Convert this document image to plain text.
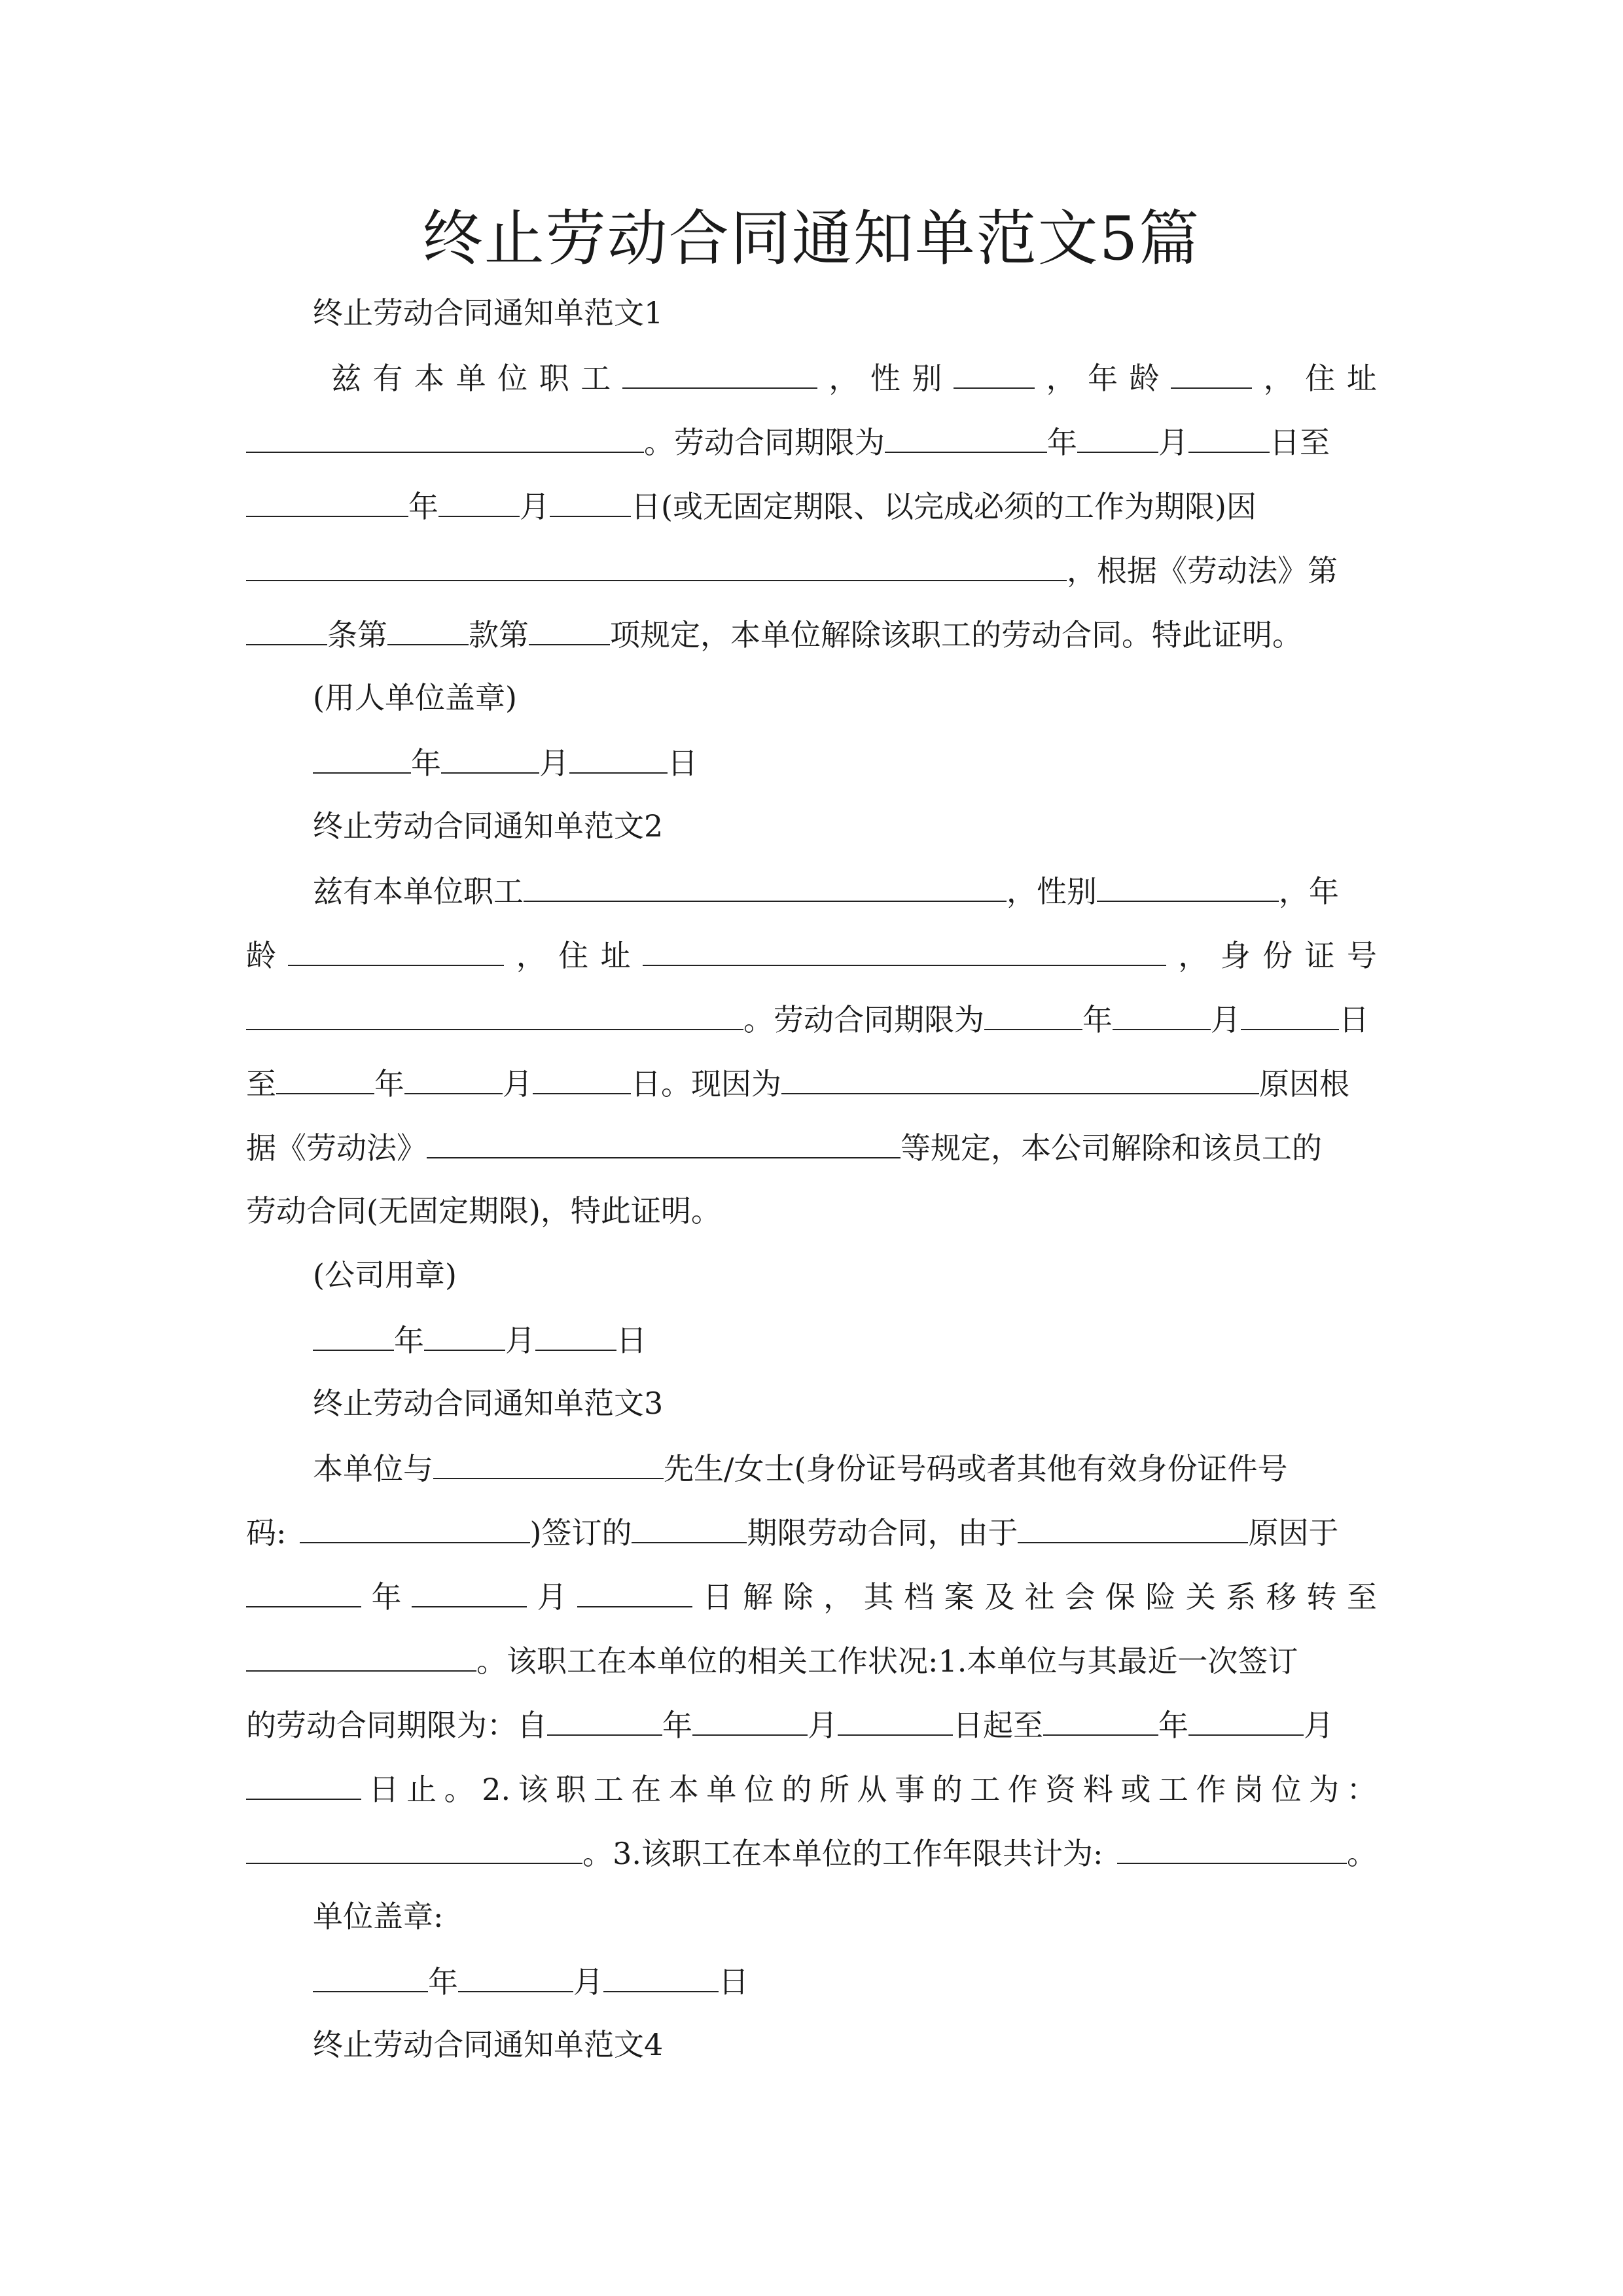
终止劳动合同通知单范文5篇
终止劳动合同通知单范文1
兹 有 本 单 位 职 工	， 性 别	， 年 龄	， 住 址
。劳动合同期限为	年	月	日至
年	月	日(或无固定期限、以完成必须的工作为期限)因
，根据《劳动法》第
条第	款第	项规定，本单位解除该职工的劳动合同。特此证明。
(用人单位盖章)
年	月	日
终止劳动合同通知单范文2
兹有本单位职工	，性别	，年
龄	， 住 址	， 身 份 证 号
。劳动合同期限为	年	月	日
至	年	月	日。现因为	原因根
据《劳动法》	等规定，本公司解除和该员工的
劳动合同(无固定期限)，特此证明。
(公司用章)
年	月	日
终止劳动合同通知单范文3
本单位与	先生/女士(身份证号码或者其他有效身份证件号
码:	)签订的	期限劳动合同，由于	原因于
年	月	日 解 除 ， 其 档 案 及 社 会 保 险 关 系 移 转 至
。该职工在本单位的相关工作状况:1.本单位与其最近一次签订
的劳动合同期限为：自	年	月	日起至	年	月
日 止 。 2. 该 职 工 在 本 单 位 的 所 从 事 的 工 作 资 料 或 工 作 岗 位 为 ：
。3.该职工在本单位的工作年限共计为:	。
单位盖章:
年	月	日
终止劳动合同通知单范文4
